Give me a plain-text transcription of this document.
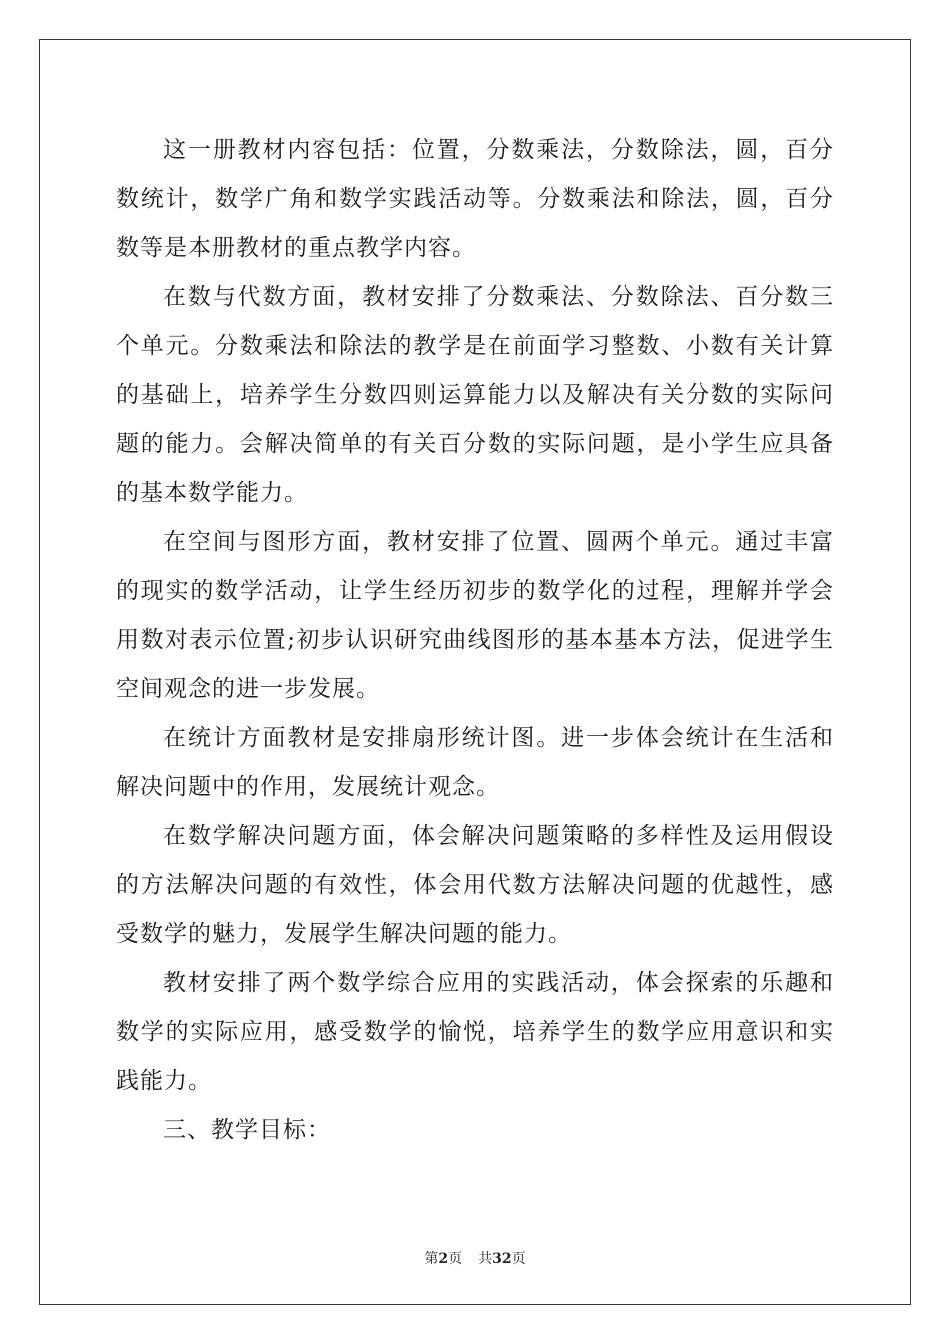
这一册教材内容包括：位置，分数乘法，分数除法，圆，百分数统计，数学广角和数学实践活动等。分数乘法和除法，圆，百分数等是本册教材的重点教学内容。

在数与代数方面，教材安排了分数乘法、分数除法、百分数三个单元。分数乘法和除法的教学是在前面学习整数、小数有关计算的基础上，培养学生分数四则运算能力以及解决有关分数的实际问题的能力。会解决简单的有关百分数的实际问题，是小学生应具备的基本数学能力。

在空间与图形方面，教材安排了位置、圆两个单元。通过丰富的现实的数学活动，让学生经历初步的数学化的过程，理解并学会用数对表示位置;初步认识研究曲线图形的基本基本方法，促进学生空间观念的进一步发展。

在统计方面教材是安排扇形统计图。进一步体会统计在生活和解决问题中的作用，发展统计观念。

在数学解决问题方面，体会解决问题策略的多样性及运用假设的方法解决问题的有效性，体会用代数方法解决问题的优越性，感受数学的魅力，发展学生解决问题的能力。

教材安排了两个数学综合应用的实践活动，体会探索的乐趣和数学的实际应用，感受数学的愉悦，培养学生的数学应用意识和实践能力。

三、教学目标：

第2页 共32页
